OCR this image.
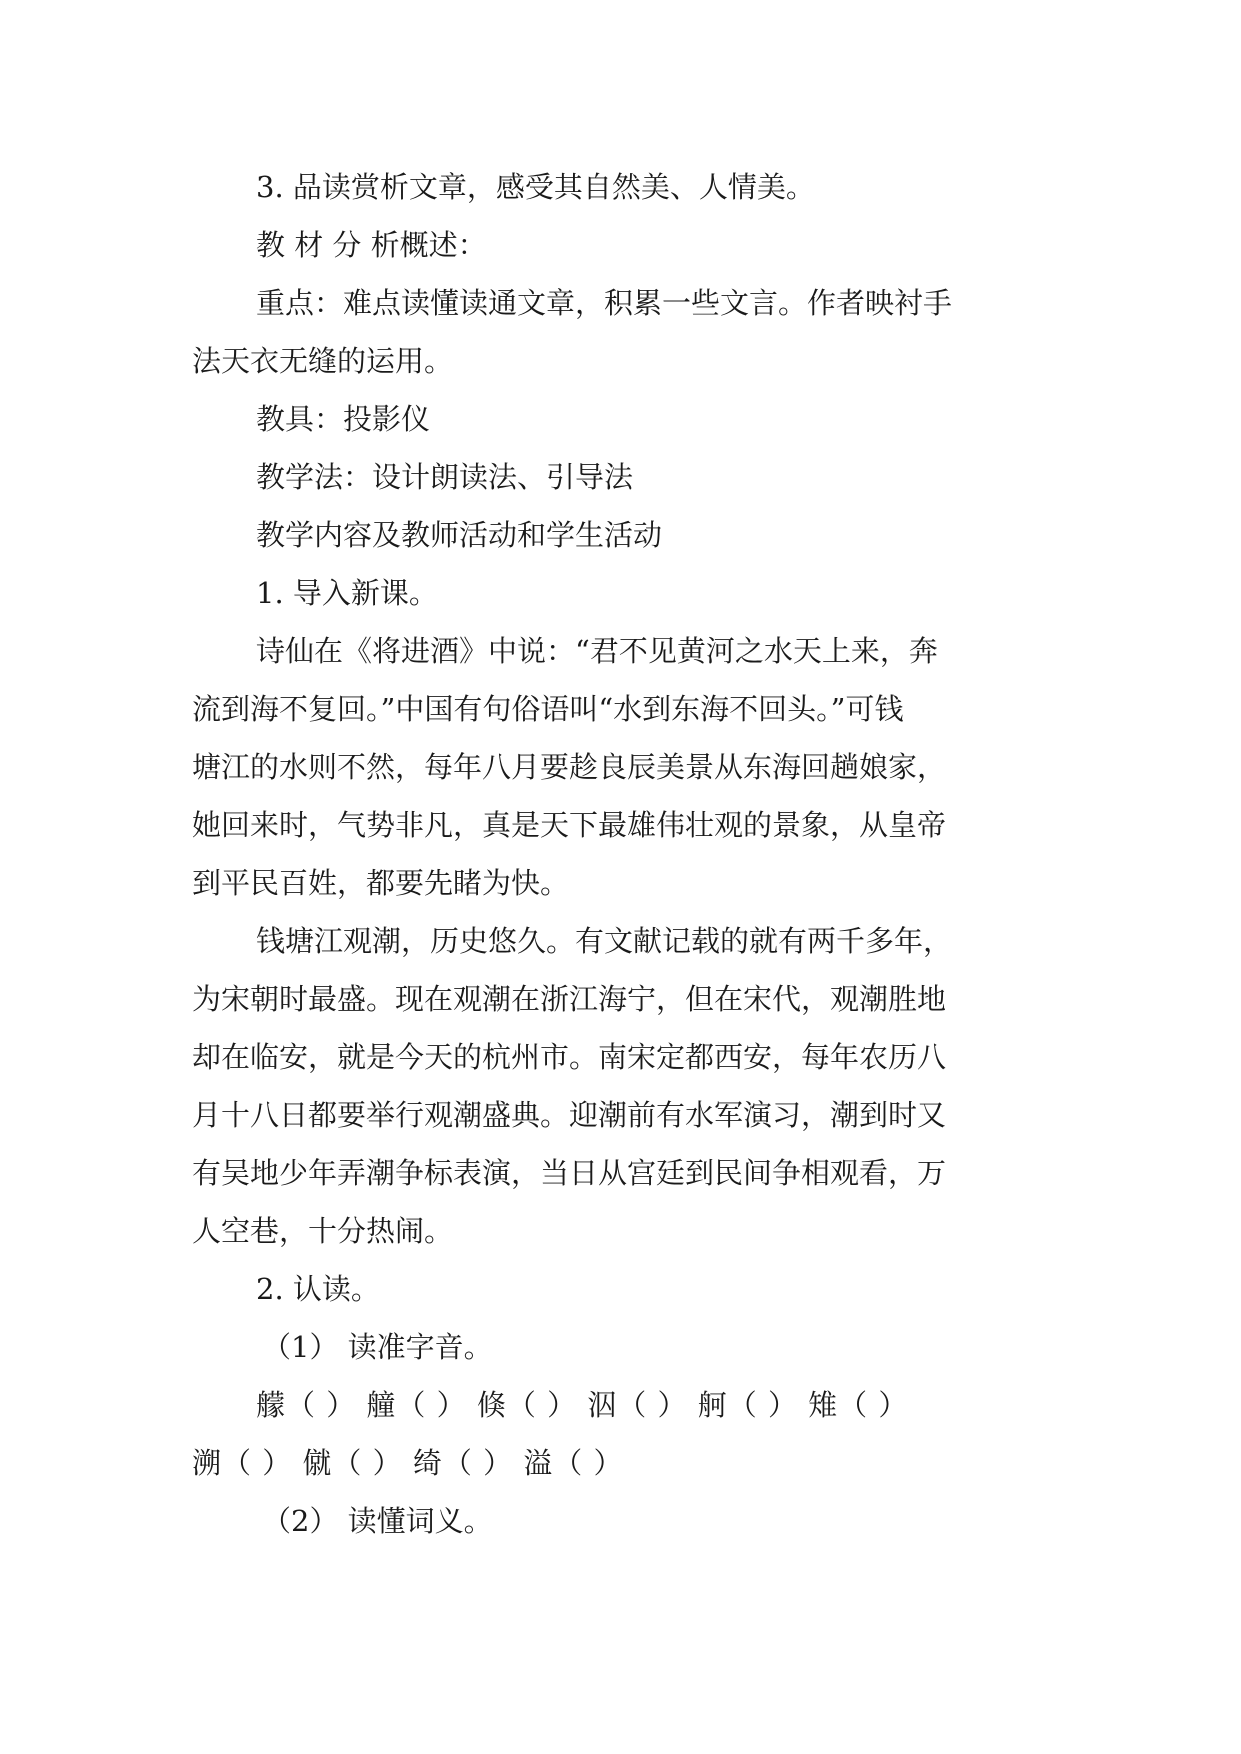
3. 品读赏析文章，感受其自然美、人情美。
教 材 分 析概述：
重点：难点读懂读通文章，积累一些文言。作者映衬手
法天衣无缝的运用。
教具：投影仪
教学法：设计朗读法、引导法
教学内容及教师活动和学生活动
1. 导入新课。
诗仙在《将进酒》中说：“君不见黄河之水天上来，奔
流到海不复回。”中国有句俗语叫“水到东海不回头。”可钱
塘江的水则不然，每年八月要趁良辰美景从东海回趟娘家，
她回来时，气势非凡，真是天下最雄伟壮观的景象，从皇帝
到平民百姓，都要先睹为快。
钱塘江观潮，历史悠久。有文献记载的就有两千多年，
为宋朝时最盛。现在观潮在浙江海宁，但在宋代，观潮胜地
却在临安，就是今天的杭州市。南宋定都西安，每年农历八
月十八日都要举行观潮盛典。迎潮前有水军演习，潮到时又
有吴地少年弄潮争标表演，当日从宫廷到民间争相观看，万
人空巷，十分热闹。
2. 认读。
（1） 读准字音。
艨（ ） 艟（ ） 倏（ ） 泅（ ） 舸（ ） 雉（ ）
溯（ ） 僦（ ） 绮（ ） 溢（ ）
（2） 读懂词义。
